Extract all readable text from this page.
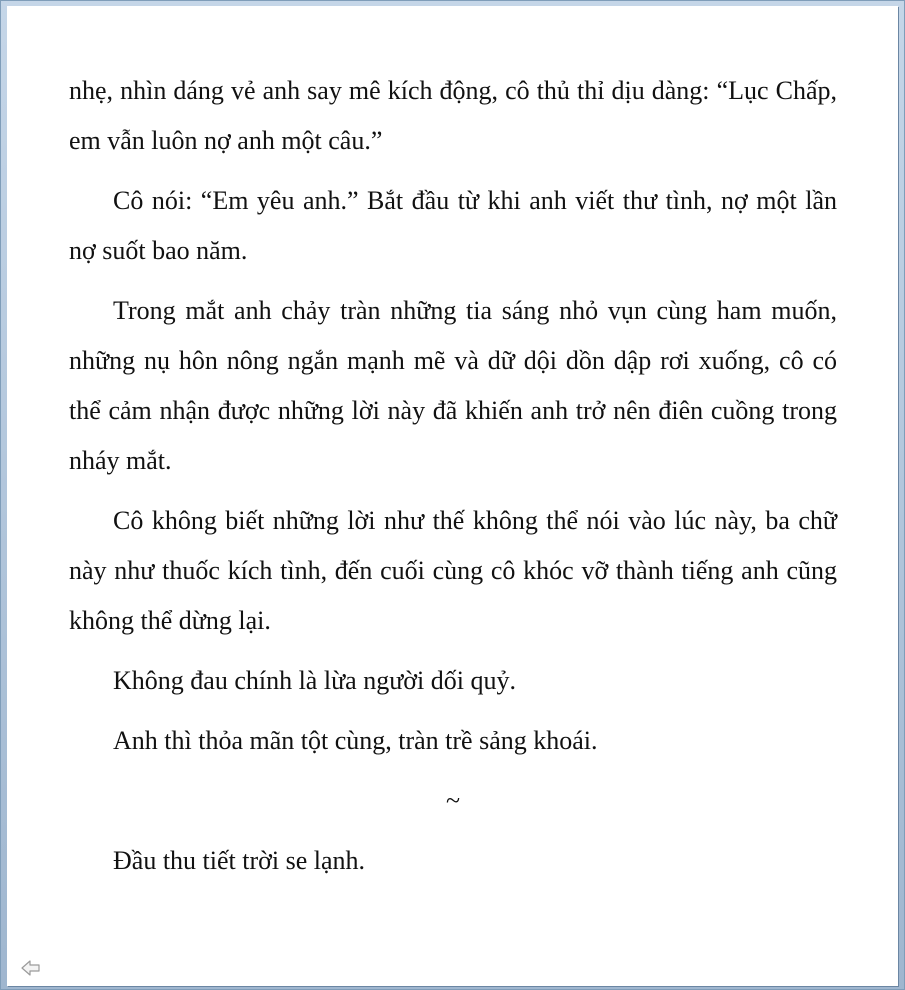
nhẹ, nhìn dáng vẻ anh say mê kích động, cô thủ thỉ dịu dàng: “Lục Chấp, em vẫn luôn nợ anh một câu.”

Cô nói: “Em yêu anh.” Bắt đầu từ khi anh viết thư tình, nợ một lần nợ suốt bao năm.

Trong mắt anh chảy tràn những tia sáng nhỏ vụn cùng ham muốn, những nụ hôn nông ngắn mạnh mẽ và dữ dội dồn dập rơi xuống, cô có thể cảm nhận được những lời này đã khiến anh trở nên điên cuồng trong nháy mắt.

Cô không biết những lời như thế không thể nói vào lúc này, ba chữ này như thuốc kích tình, đến cuối cùng cô khóc vỡ thành tiếng anh cũng không thể dừng lại.

Không đau chính là lừa người dối quỷ.

Anh thì thỏa mãn tột cùng, tràn trề sảng khoái.

~

Đầu thu tiết trời se lạnh.
